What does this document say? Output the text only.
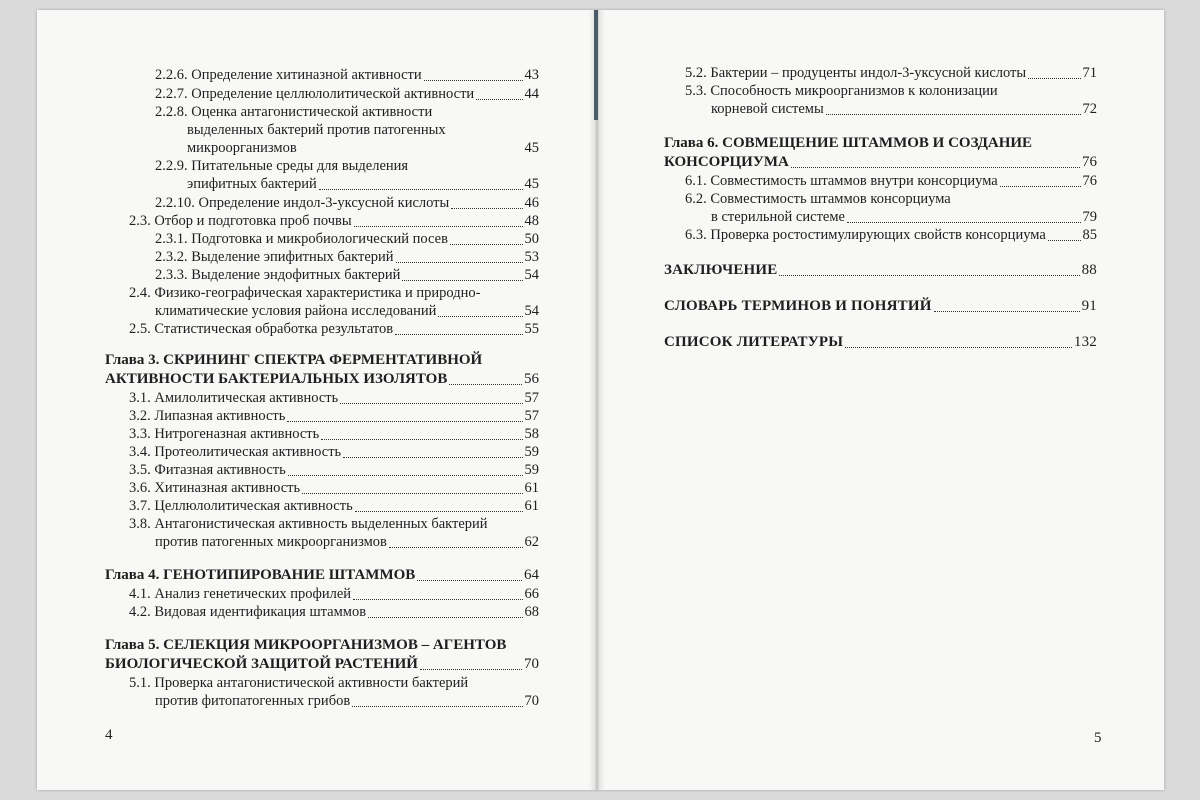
2.2.6. Определение хитиназной активности	43
2.2.7. Определение целлюлолитической активности	44
2.2.8. Оценка антагонистической активности
выделенных бактерий против патогенных
микроорганизмов	45
2.2.9. Питательные среды для выделения
эпифитных бактерий	45
2.2.10. Определение индол-3-уксусной кислоты	46
2.3. Отбор и подготовка проб почвы	48
2.3.1. Подготовка и микробиологический посев	50
2.3.2. Выделение эпифитных бактерий	53
2.3.3. Выделение эндофитных бактерий	54
2.4. Физико-географическая характеристика и природно-
климатические условия района исследований	54
2.5. Статистическая обработка результатов	55
Глава 3. СКРИНИНГ СПЕКТРА ФЕРМЕНТАТИВНОЙ
АКТИВНОСТИ БАКТЕРИАЛЬНЫХ ИЗОЛЯТОВ	56
3.1. Амилолитическая активность	57
3.2. Липазная активность	57
3.3. Нитрогеназная активность	58
3.4. Протеолитическая активность	59
3.5. Фитазная активность	59
3.6. Хитиназная активность	61
3.7. Целлюлолитическая активность	61
3.8. Антагонистическая активность выделенных бактерий
против патогенных микроорганизмов	62
Глава 4. ГЕНОТИПИРОВАНИЕ ШТАММОВ	64
4.1. Анализ генетических профилей	66
4.2. Видовая идентификация штаммов	68
Глава 5. СЕЛЕКЦИЯ МИКРООРГАНИЗМОВ – АГЕНТОВ
БИОЛОГИЧЕСКОЙ ЗАЩИТОЙ РАСТЕНИЙ	70
5.1. Проверка антагонистической активности бактерий
против фитопатогенных грибов	70
4
5.2. Бактерии – продуценты индол-3-уксусной кислоты	71
5.3. Способность микроорганизмов к колонизации
корневой системы	72
Глава 6. СОВМЕЩЕНИЕ ШТАММОВ И СОЗДАНИЕ
КОНСОРЦИУМА	76
6.1. Совместимость штаммов внутри консорциума	76
6.2. Совместимость штаммов консорциума
в стерильной системе	79
6.3. Проверка ростостимулирующих свойств консорциума	85
ЗАКЛЮЧЕНИЕ	88
СЛОВАРЬ ТЕРМИНОВ И ПОНЯТИЙ	91
СПИСОК ЛИТЕРАТУРЫ	132
5
